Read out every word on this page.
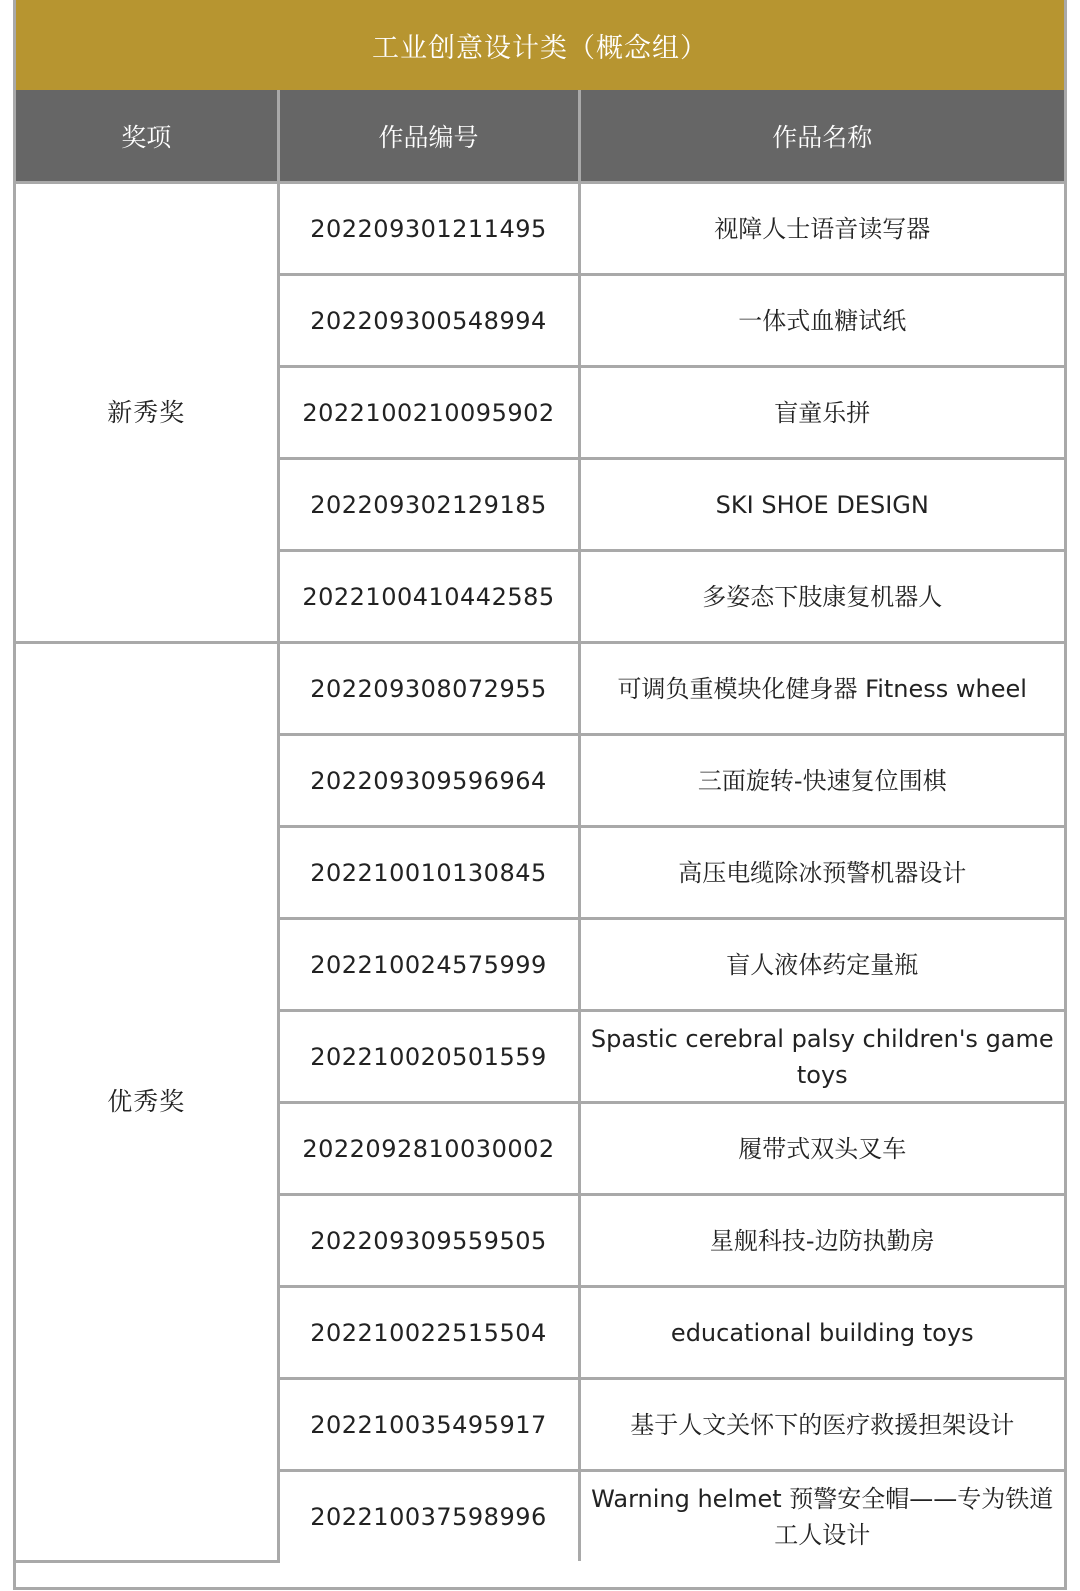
工业创意设计类（概念组）
奖项	作品编号	作品名称
新秀奖	202209301211495	视障人士语音读写器
	202209300548994	一体式血糖试纸
	2022100210095902	盲童乐拼
	202209302129185	SKI SHOE DESIGN
	2022100410442585	多姿态下肢康复机器人
优秀奖	202209308072955	可调负重模块化健身器 Fitness wheel
	202209309596964	三面旋转-快速复位围棋
	202210010130845	高压电缆除冰预警机器设计
	202210024575999	盲人液体药定量瓶
	202210020501559	Spastic cerebral palsy children's game toys
	2022092810030002	履带式双头叉车
	202209309559505	星舰科技-边防执勤房
	202210022515504	educational building toys
	202210035495917	基于人文关怀下的医疗救援担架设计
	202210037598996	Warning helmet 预警安全帽——专为铁道工人设计
